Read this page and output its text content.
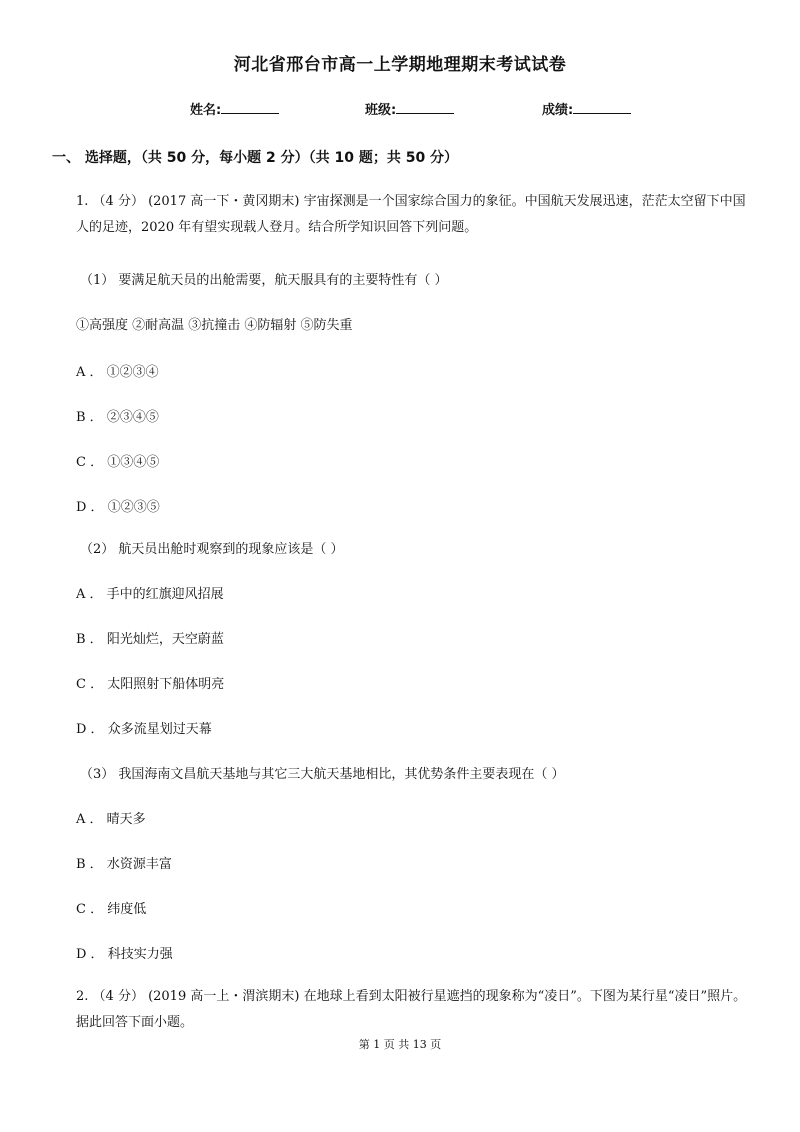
河北省邢台市高一上学期地理期末考试试卷
姓名:	班级:	成绩:
一、 选择题，（共 50 分，每小题 2 分）（共 10 题；共 50 分）
1. （4 分） (2017 高一下・黄冈期末) 宇宙探测是一个国家综合国力的象征。中国航天发展迅速，茫茫太空留下中国人的足迹，2020 年有望实现载人登月。结合所学知识回答下列问题。
（1） 要满足航天员的出舱需要，航天服具有的主要特性有（ ）
①高强度 ②耐高温 ③抗撞击 ④防辐射 ⑤防失重
A ． ①②③④
B ． ②③④⑤
C ． ①③④⑤
D ． ①②③⑤
（2） 航天员出舱时观察到的现象应该是（ ）
A ． 手中的红旗迎风招展
B ． 阳光灿烂，天空蔚蓝
C ． 太阳照射下船体明亮
D ． 众多流星划过天幕
（3） 我国海南文昌航天基地与其它三大航天基地相比，其优势条件主要表现在（ ）
A ． 晴天多
B ． 水资源丰富
C ． 纬度低
D ． 科技实力强
2. （4 分） (2019 高一上・渭滨期末) 在地球上看到太阳被行星遮挡的现象称为“凌日”。下图为某行星“凌日”照片。据此回答下面小题。
第 1 页 共 13 页
